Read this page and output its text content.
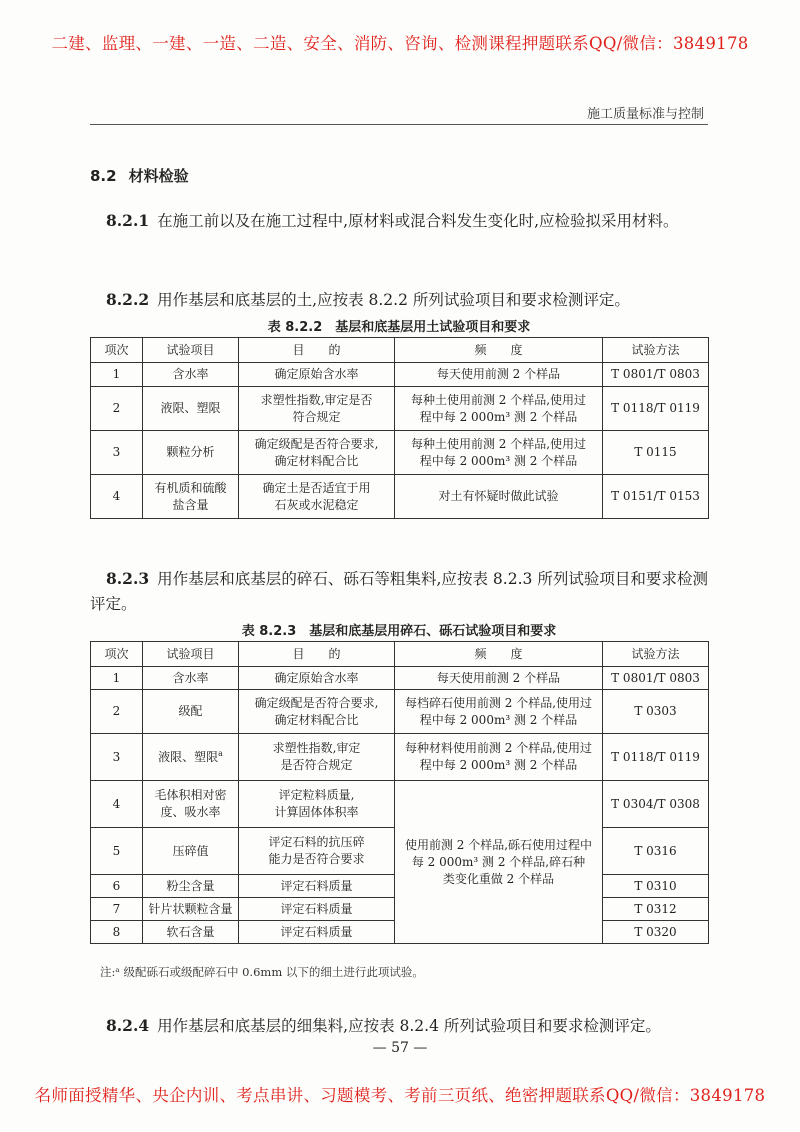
二建、监理、一建、一造、二造、安全、消防、咨询、检测课程押题联系QQ/微信：3849178
施工质量标准与控制
8.2 材料检验
8.2.1 在施工前以及在施工过程中,原材料或混合料发生变化时,应检验拟采用材料。
8.2.2 用作基层和底基层的土,应按表 8.2.2 所列试验项目和要求检测评定。
表 8.2.2　基层和底基层用土试验项目和要求
项次	试验项目	目　　的	频　　度	试验方法
1	含水率	确定原始含水率	每天使用前测 2 个样品	T 0801/T 0803
2	液限、塑限	求塑性指数,审定是否
符合规定	每种土使用前测 2 个样品,使用过
程中每 2 000m³ 测 2 个样品	T 0118/T 0119
3	颗粒分析	确定级配是否符合要求,
确定材料配合比	每种土使用前测 2 个样品,使用过
程中每 2 000m³ 测 2 个样品	T 0115
4	有机质和硫酸
盐含量	确定土是否适宜于用
石灰或水泥稳定	对土有怀疑时做此试验	T 0151/T 0153
8.2.3 用作基层和底基层的碎石、砾石等粗集料,应按表 8.2.3 所列试验项目和要求检测评定。
表 8.2.3　基层和底基层用碎石、砾石试验项目和要求
项次	试验项目	目　　的	频　　度	试验方法
1	含水率	确定原始含水率	每天使用前测 2 个样品	T 0801/T 0803
2	级配	确定级配是否符合要求,
确定材料配合比	每档碎石使用前测 2 个样品,使用过
程中每 2 000m³ 测 2 个样品	T 0303
3	液限、塑限$^a$	求塑性指数,审定
是否符合规定	每种材料使用前测 2 个样品,使用过
程中每 2 000m³ 测 2 个样品	T 0118/T 0119
4	毛体积相对密
度、吸水率	评定粒料质量,
计算固体体积率	使用前测 2 个样品,砾石使用过程中
每 2 000m³ 测 2 个样品,碎石种
类变化重做 2 个样品	T 0304/T 0308
5	压碎值	评定石料的抗压碎
能力是否符合要求		T 0316
6	粉尘含量	评定石料质量		T 0310
7	针片状颗粒含量	评定石料质量		T 0312
8	软石含量	评定石料质量		T 0320
注:ᵃ 级配砾石或级配碎石中 0.6mm 以下的细土进行此项试验。
8.2.4 用作基层和底基层的细集料,应按表 8.2.4 所列试验项目和要求检测评定。
— 57 —
名师面授精华、央企内训、考点串讲、习题模考、考前三页纸、绝密押题联系QQ/微信：3849178
